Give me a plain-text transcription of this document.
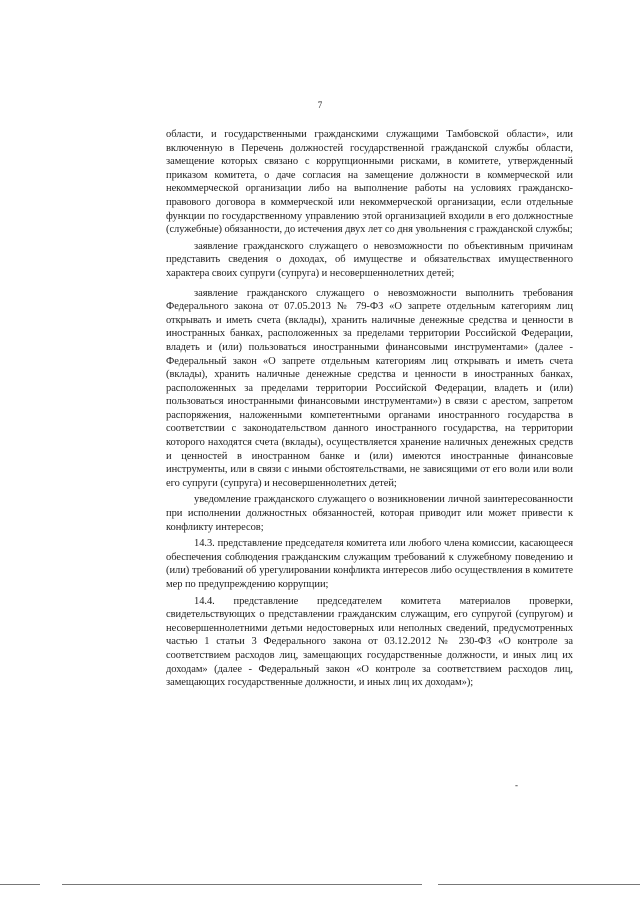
7

области, и государственными гражданскими служащими Тамбовской области», или включенную в Перечень должностей государственной гражданской службы области, замещение которых связано с коррупционными рисками, в комитете, утвержденный приказом комитета, о даче согласия на замещение должности в коммерческой или некоммерческой организации либо на выполнение работы на условиях гражданско-правового договора в коммерческой или некоммерческой организации, если отдельные функции по государственному управлению этой организацией входили в его должностные (служебные) обязанности, до истечения двух лет со дня увольнения с гражданской службы;

заявление гражданского служащего о невозможности по объективным причинам представить сведения о доходах, об имуществе и обязательствах имущественного характера своих супруги (супруга) и несовершеннолетних детей;

заявление гражданского служащего о невозможности выполнить требования Федерального закона от 07.05.2013 № 79-ФЗ «О запрете отдельным категориям лиц открывать и иметь счета (вклады), хранить наличные денежные средства и ценности в иностранных банках, расположенных за пределами территории Российской Федерации, владеть и (или) пользоваться иностранными финансовыми инструментами» (далее - Федеральный закон «О запрете отдельным категориям лиц открывать и иметь счета (вклады), хранить наличные денежные средства и ценности в иностранных банках, расположенных за пределами территории Российской Федерации, владеть и (или) пользоваться иностранными финансовыми инструментами») в связи с арестом, запретом распоряжения, наложенными компетентными органами иностранного государства в соответствии с законодательством данного иностранного государства, на территории которого находятся счета (вклады), осуществляется хранение наличных денежных средств и ценностей в иностранном банке и (или) имеются иностранные финансовые инструменты, или в связи с иными обстоятельствами, не зависящими от его воли или воли его супруги (супруга) и несовершеннолетних детей;

уведомление гражданского служащего о возникновении личной заинтересованности при исполнении должностных обязанностей, которая приводит или может привести к конфликту интересов;

14.3. представление председателя комитета или любого члена комиссии, касающееся обеспечения соблюдения гражданским служащим требований к служебному поведению и (или) требований об урегулировании конфликта интересов либо осуществления в комитете мер по предупреждению коррупции;

14.4. представление председателем комитета материалов проверки, свидетельствующих о представлении гражданским служащим, его супругой (супругом) и несовершеннолетними детьми недостоверных или неполных сведений, предусмотренных частью 1 статьи 3 Федерального закона от 03.12.2012 № 230-ФЗ «О контроле за соответствием расходов лиц, замещающих государственные должности, и иных лиц их доходам» (далее - Федеральный закон «О контроле за соответствием расходов лиц, замещающих государственные должности, и иных лиц их доходам»);

-
